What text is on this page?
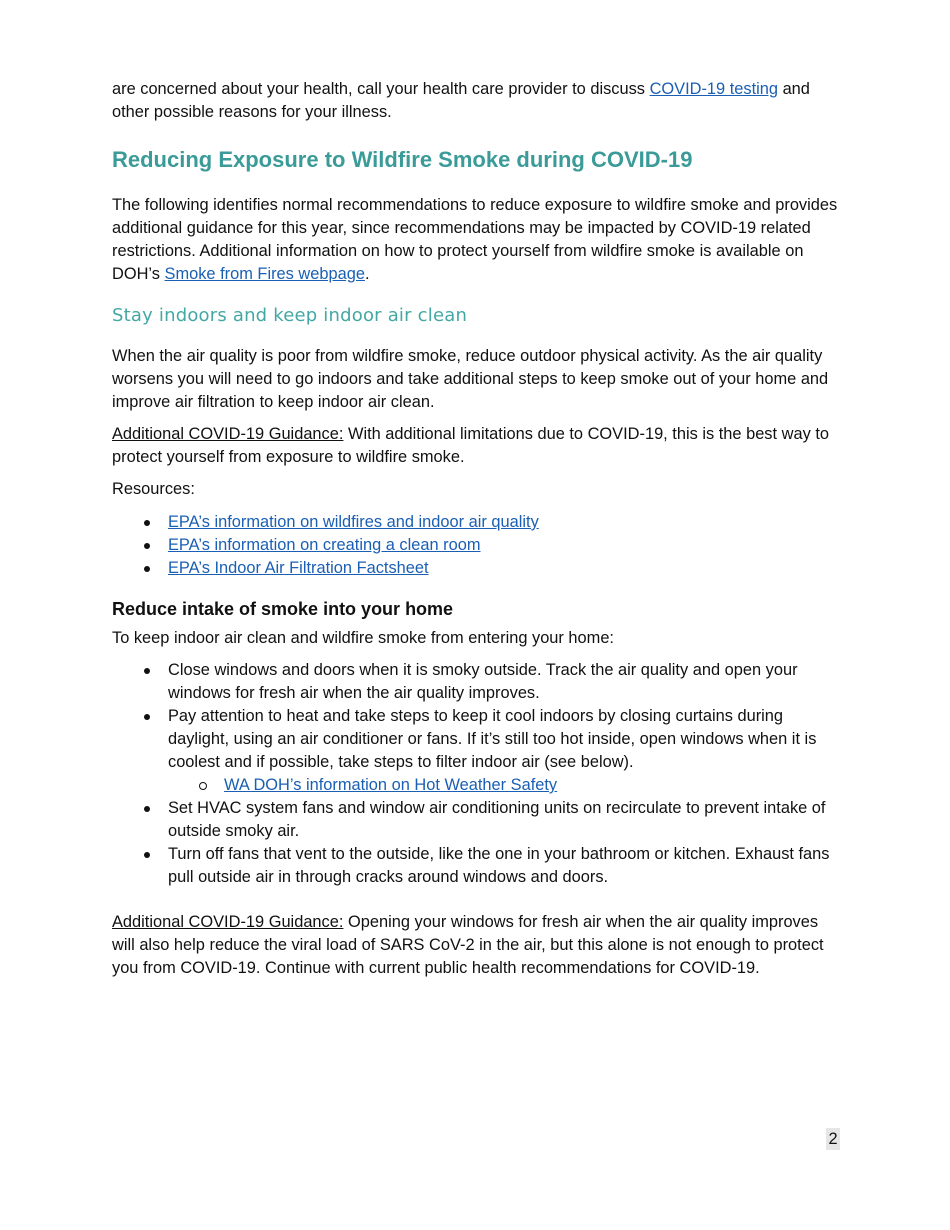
are concerned about your health, call your health care provider to discuss COVID-19 testing and other possible reasons for your illness.

Reducing Exposure to Wildfire Smoke during COVID-19

The following identifies normal recommendations to reduce exposure to wildfire smoke and provides additional guidance for this year, since recommendations may be impacted by COVID-19 related restrictions. Additional information on how to protect yourself from wildfire smoke is available on DOH’s Smoke from Fires webpage.

Stay indoors and keep indoor air clean

When the air quality is poor from wildfire smoke, reduce outdoor physical activity. As the air quality worsens you will need to go indoors and take additional steps to keep smoke out of your home and improve air filtration to keep indoor air clean.

Additional COVID-19 Guidance: With additional limitations due to COVID-19, this is the best way to protect yourself from exposure to wildfire smoke.

Resources:

EPA’s information on wildfires and indoor air quality
EPA’s information on creating a clean room
EPA’s Indoor Air Filtration Factsheet
Reduce intake of smoke into your home

To keep indoor air clean and wildfire smoke from entering your home:

Close windows and doors when it is smoky outside. Track the air quality and open your windows for fresh air when the air quality improves.
Pay attention to heat and take steps to keep it cool indoors by closing curtains during daylight, using an air conditioner or fans. If it’s still too hot inside, open windows when it is coolest and if possible, take steps to filter indoor air (see below).
WA DOH’s information on Hot Weather Safety
Set HVAC system fans and window air conditioning units on recirculate to prevent intake of outside smoky air.
Turn off fans that vent to the outside, like the one in your bathroom or kitchen. Exhaust fans pull outside air in through cracks around windows and doors.

Additional COVID-19 Guidance: Opening your windows for fresh air when the air quality improves will also help reduce the viral load of SARS CoV-2 in the air, but this alone is not enough to protect you from COVID-19. Continue with current public health recommendations for COVID-19.

2
